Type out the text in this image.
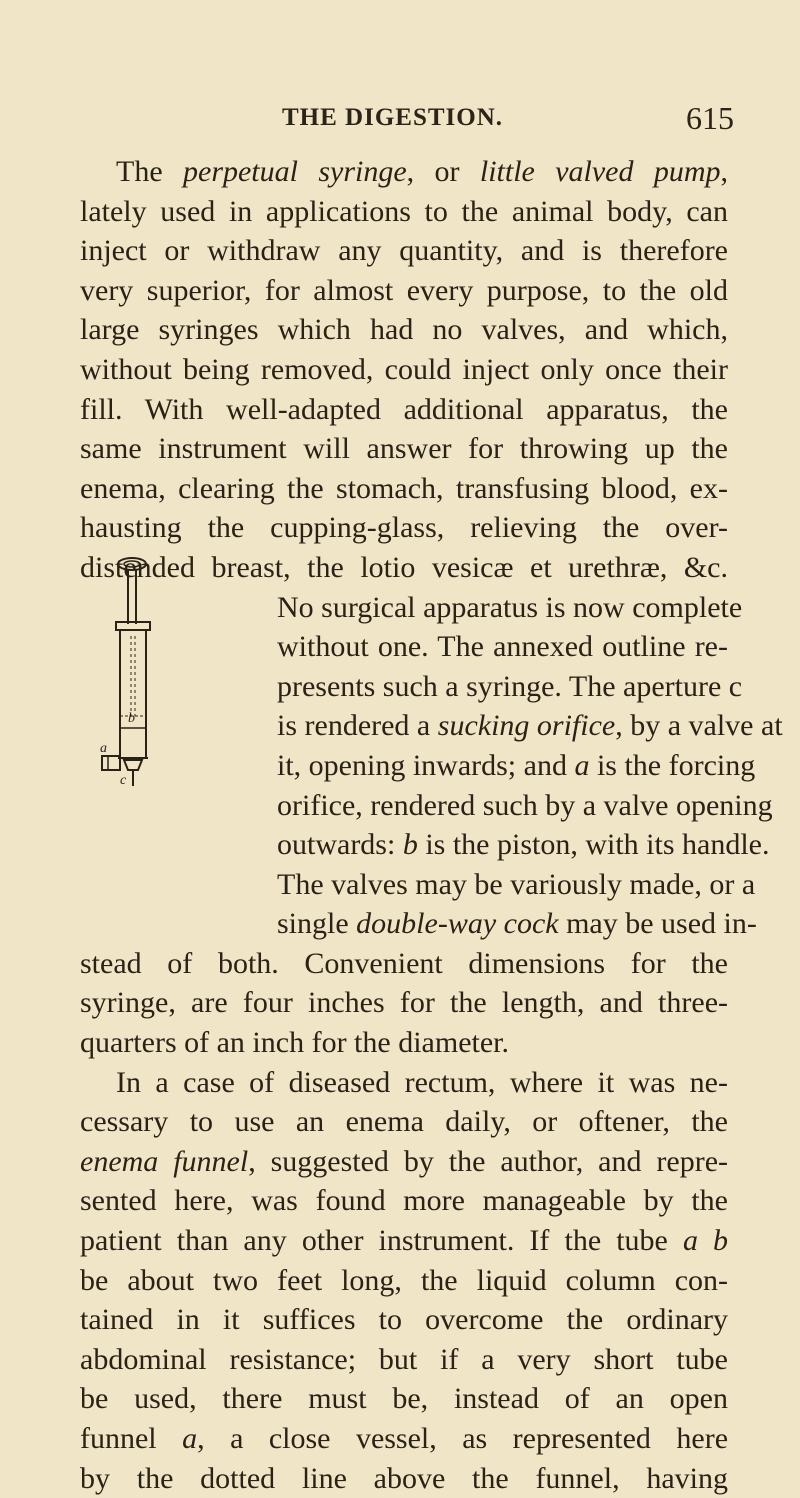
THE DIGESTION.	615
b
a
c
The perpetual syringe, or little valved pump,
lately used in applications to the animal body, can
inject or withdraw any quantity, and is therefore
very superior, for almost every purpose, to the old
large syringes which had no valves, and which,
without being removed, could inject only once their
fill. With well-adapted additional apparatus, the
same instrument will answer for throwing up the
enema, clearing the stomach, transfusing blood, ex-
hausting the cupping-glass, relieving the over-
distended breast, the lotio vesicæ et urethræ, &c.
No surgical apparatus is now complete
without one. The annexed outline re-
presents such a syringe. The aperture c
is rendered a sucking orifice, by a valve at
it, opening inwards; and a is the forcing
orifice, rendered such by a valve opening
outwards: b is the piston, with its handle.
The valves may be variously made, or a
single double-way cock may be used in-
stead of both. Convenient dimensions for the
syringe, are four inches for the length, and three-
quarters of an inch for the diameter.
In a case of diseased rectum, where it was ne-
cessary to use an enema daily, or oftener, the
enema funnel, suggested by the author, and repre-
sented here, was found more manageable by the
patient than any other instrument. If the tube a b
be about two feet long, the liquid column con-
tained in it suffices to overcome the ordinary
abdominal resistance; but if a very short tube
be used, there must be, instead of an open
funnel a, a close vessel, as represented here
by the dotted line above the funnel, having
